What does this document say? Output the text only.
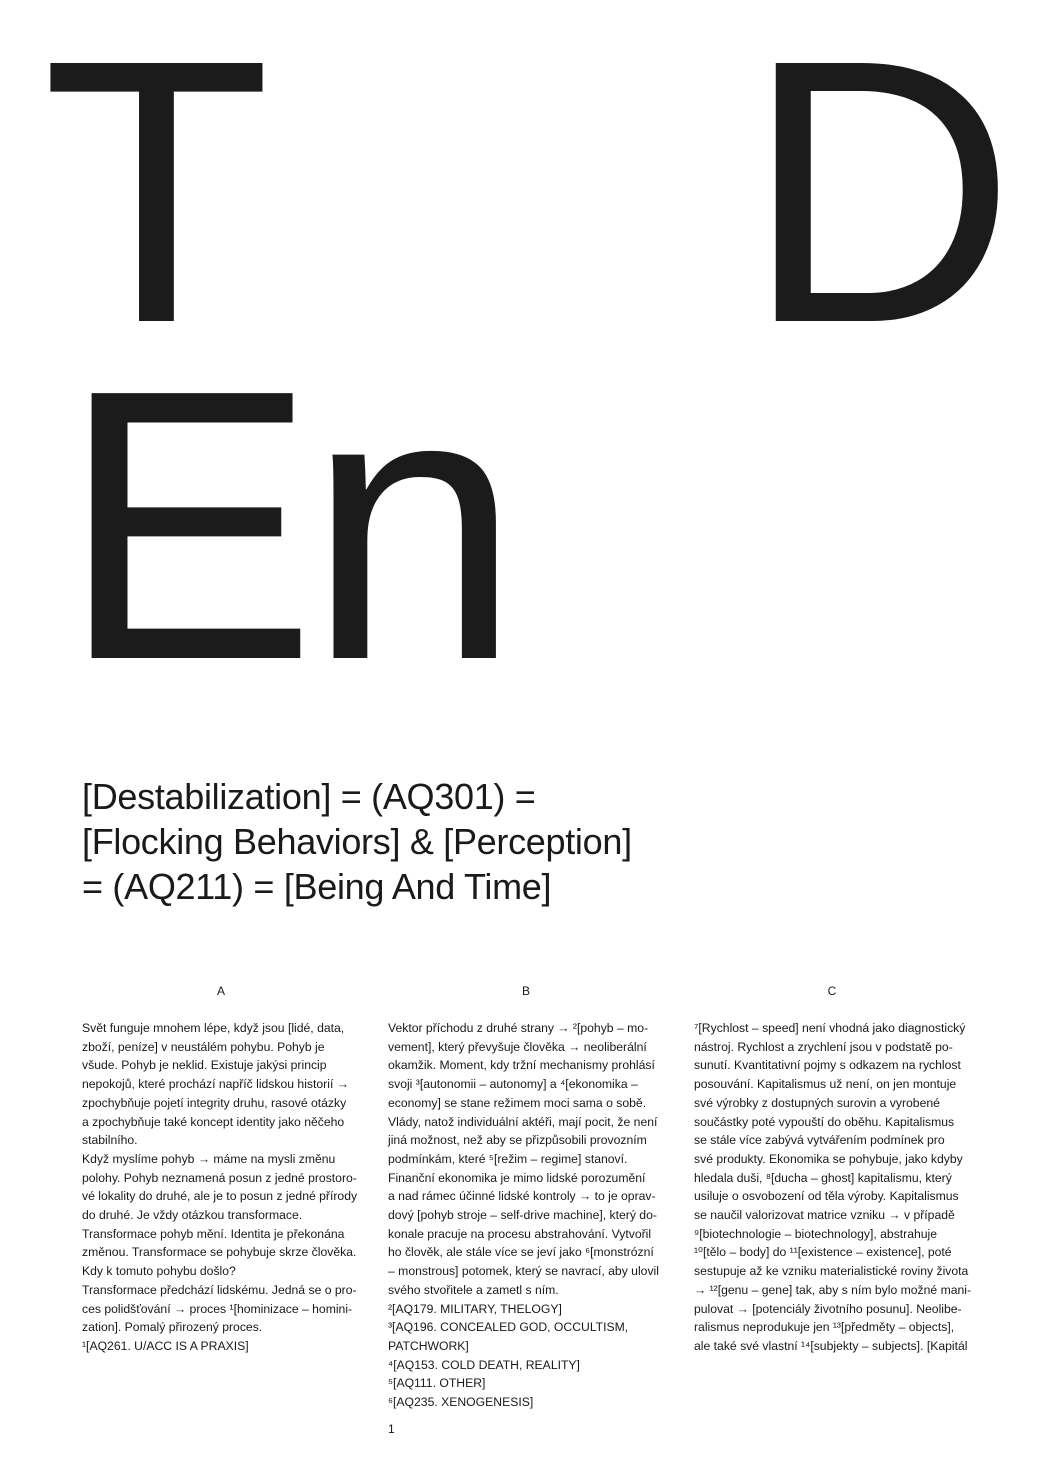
T D
En
[Destabilization] = (AQ301) =
[Flocking Behaviors] & [Perception]
= (AQ211) = [Being And Time]
A	B	C
Svět funguje mnohem lépe, když jsou [lidé, data,
zboží, peníze] v neustálém pohybu. Pohyb je
všude. Pohyb je neklid. Existuje jakýsi princip
nepokojů, které prochází napříč lidskou historií →
zpochybňuje pojetí integrity druhu, rasové otázky
a zpochybňuje také koncept identity jako něčeho
stabilního.
Když myslíme pohyb → máme na mysli změnu
polohy. Pohyb neznamená posun z jedné prostoro-
vé lokality do druhé, ale je to posun z jedné přírody
do druhé. Je vždy otázkou transformace.
Transformace pohyb mění. Identita je překonána
změnou. Transformace se pohybuje skrze člověka.
Kdy k tomuto pohybu došlo?
Transformace předchází lidskému. Jedná se o pro-
ces polidšťování → proces ¹[hominizace – homini-
zation]. Pomalý přirozený proces.
¹[AQ261. U/ACC IS A PRAXIS]
Vektor příchodu z druhé strany → ²[pohyb – mo-
vement], který převyšuje člověka → neoliberální
okamžik. Moment, kdy tržní mechanismy prohlásí
svoji ³[autonomii – autonomy] a ⁴[ekonomika –
economy] se stane režimem moci sama o sobě.
Vlády, natož individuální aktéři, mají pocit, že není
jiná možnost, než aby se přizpůsobili provozním
podmínkám, které ⁵[režim – regime] stanoví.
Finanční ekonomika je mimo lidské porozumění
a nad rámec účinné lidské kontroly → to je oprav-
dový [pohyb stroje – self-drive machine], který do-
konale pracuje na procesu abstrahování. Vytvořil
ho člověk, ale stále více se jeví jako ⁶[monstrózní
– monstrous] potomek, který se navrací, aby ulovil
svého stvořitele a zametl s ním.
²[AQ179. MILITARY, THELOGY]
³[AQ196. CONCEALED GOD, OCCULTISM,
PATCHWORK]
⁴[AQ153. COLD DEATH, REALITY]
⁵[AQ111. OTHER]
⁶[AQ235. XENOGENESIS]
⁷[Rychlost – speed] není vhodná jako diagnostický
nástroj. Rychlost a zrychlení jsou v podstatě po-
sunutí. Kvantitativní pojmy s odkazem na rychlost
posouvání. Kapitalismus už není, on jen montuje
své výrobky z dostupných surovin a vyrobené
součástky poté vypouští do oběhu. Kapitalismus
se stále více zabývá vytvářením podmínek pro
své produkty. Ekonomika se pohybuje, jako kdyby
hledala duši, ⁸[ducha – ghost] kapitalismu, který
usiluje o osvobození od těla výroby. Kapitalismus
se naučil valorizovat matrice vzniku → v případě
⁹[biotechnologie – biotechnology], abstrahuje
¹⁰[tělo – body] do ¹¹[existence – existence], poté
sestupuje až ke vzniku materialistické roviny života
→ ¹²[genu – gene] tak, aby s ním bylo možné mani-
pulovat → [potenciály životního posunu]. Neolibe-
ralismus neprodukuje jen ¹³[předměty – objects],
ale také své vlastní ¹⁴[subjekty – subjects]. [Kapitál
1
